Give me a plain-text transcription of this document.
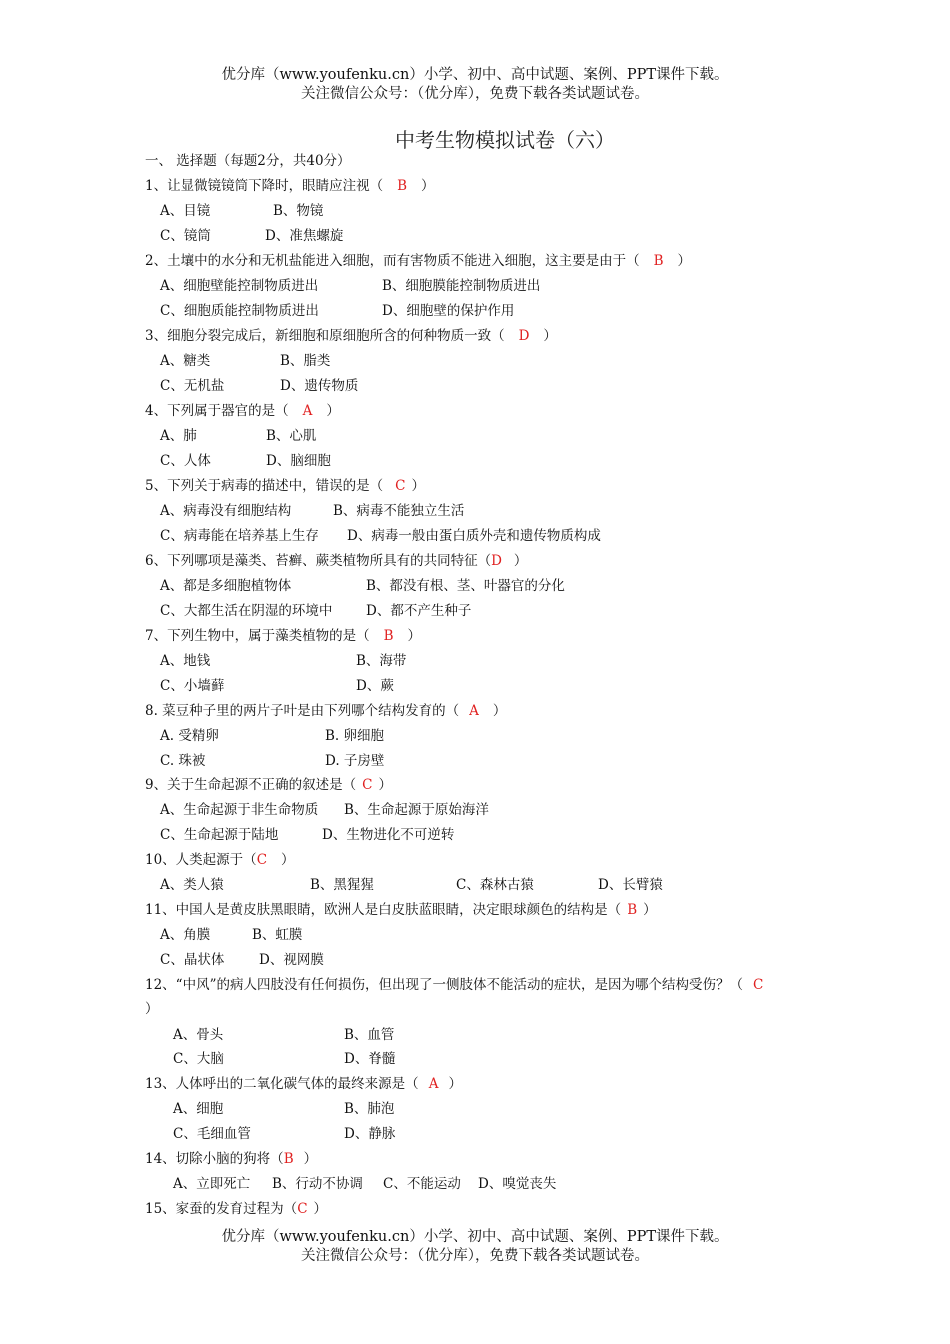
优分库（www.youfenku.cn）小学、初中、高中试题、案例、PPT课件下载。
关注微信公众号：（优分库），免费下载各类试题试卷。
中考生物模拟试卷（六）
一、 选择题（每题2分，共40分）
1、让显微镜镜筒下降时，眼睛应注视（ B ）
A、目镜	B、物镜
C、镜筒	D、准焦螺旋
2、土壤中的水分和无机盐能进入细胞，而有害物质不能进入细胞，这主要是由于（ B ）
A、细胞壁能控制物质进出	B、细胞膜能控制物质进出
C、细胞质能控制物质进出	D、细胞壁的保护作用
3、细胞分裂完成后，新细胞和原细胞所含的何种物质一致（ D ）
A、糖类	B、脂类
C、无机盐	D、遗传物质
4、下列属于器官的是（ A ）
A、肺	B、心肌
C、人体	D、脑细胞
5、下列关于病毒的描述中，错误的是（ C ）
A、病毒没有细胞结构	B、病毒不能独立生活
C、病毒能在培养基上生存 D、病毒一般由蛋白质外壳和遗传物质构成
6、下列哪项是藻类、苔癣、蕨类植物所具有的共同特征（D ）
A、都是多细胞植物体	B、都没有根、茎、叶器官的分化
C、大都生活在阴湿的环境中 D、都不产生种子
7、下列生物中，属于藻类植物的是（ B ）
A、地钱	B、海带
C、小墙藓	D、蕨
8. 菜豆种子里的两片子叶是由下列哪个结构发育的（ A ）
A. 受精卵	B. 卵细胞
C. 珠被	D. 子房壁
9、关于生命起源不正确的叙述是（ C ）
A、生命起源于非生命物质 B、生命起源于原始海洋
C、生命起源于陆地	D、生物进化不可逆转
10、人类起源于（C ）
A、类人猿	B、黑猩猩	C、森林古猿	D、长臂猿
11、中国人是黄皮肤黑眼睛，欧洲人是白皮肤蓝眼睛，决定眼球颜色的结构是（ B ）
A、角膜	B、虹膜
C、晶状体	D、视网膜
12、“中风”的病人四肢没有任何损伤，但出现了一侧肢体不能活动的症状，是因为哪个结构受伤？（ C
）
A、骨头	B、血管
C、大脑	D、脊髓
13、人体呼出的二氧化碳气体的最终来源是（ A ）
A、细胞	B、肺泡
C、毛细血管	D、静脉
14、切除小脑的狗将（B ）
A、立即死亡 B、行动不协调 C、不能运动 D、嗅觉丧失
15、家蚕的发育过程为（C ）
优分库（www.youfenku.cn）小学、初中、高中试题、案例、PPT课件下载。
关注微信公众号：（优分库），免费下载各类试题试卷。
